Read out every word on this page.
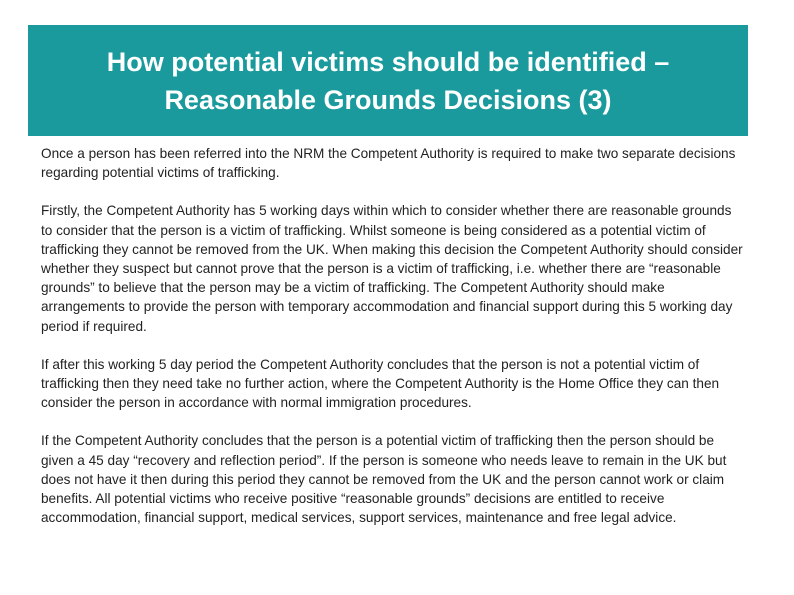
How potential victims should be identified –
Reasonable Grounds Decisions (3)

Once a person has been referred into the NRM the Competent Authority is required to make two separate decisions regarding potential victims of trafficking.

Firstly, the Competent Authority has 5 working days within which to consider whether there are reasonable grounds to consider that the person is a victim of trafficking. Whilst someone is being considered as a potential victim of trafficking they cannot be removed from the UK. When making this decision the Competent Authority should consider whether they suspect but cannot prove that the person is a victim of trafficking, i.e. whether there are “reasonable grounds” to believe that the person may be a victim of trafficking. The Competent Authority should make arrangements to provide the person with temporary accommodation and financial support during this 5 working day period if required.

If after this working 5 day period the Competent Authority concludes that the person is not a potential victim of trafficking then they need take no further action, where the Competent Authority is the Home Office they can then consider the person in accordance with normal immigration procedures.

If the Competent Authority concludes that the person is a potential victim of trafficking then the person should be given a 45 day “recovery and reflection period”. If the person is someone who needs leave to remain in the UK but does not have it then during this period they cannot be removed from the UK and the person cannot work or claim benefits. All potential victims who receive positive “reasonable grounds” decisions are entitled to receive accommodation, financial support, medical services, support services, maintenance and free legal advice.
